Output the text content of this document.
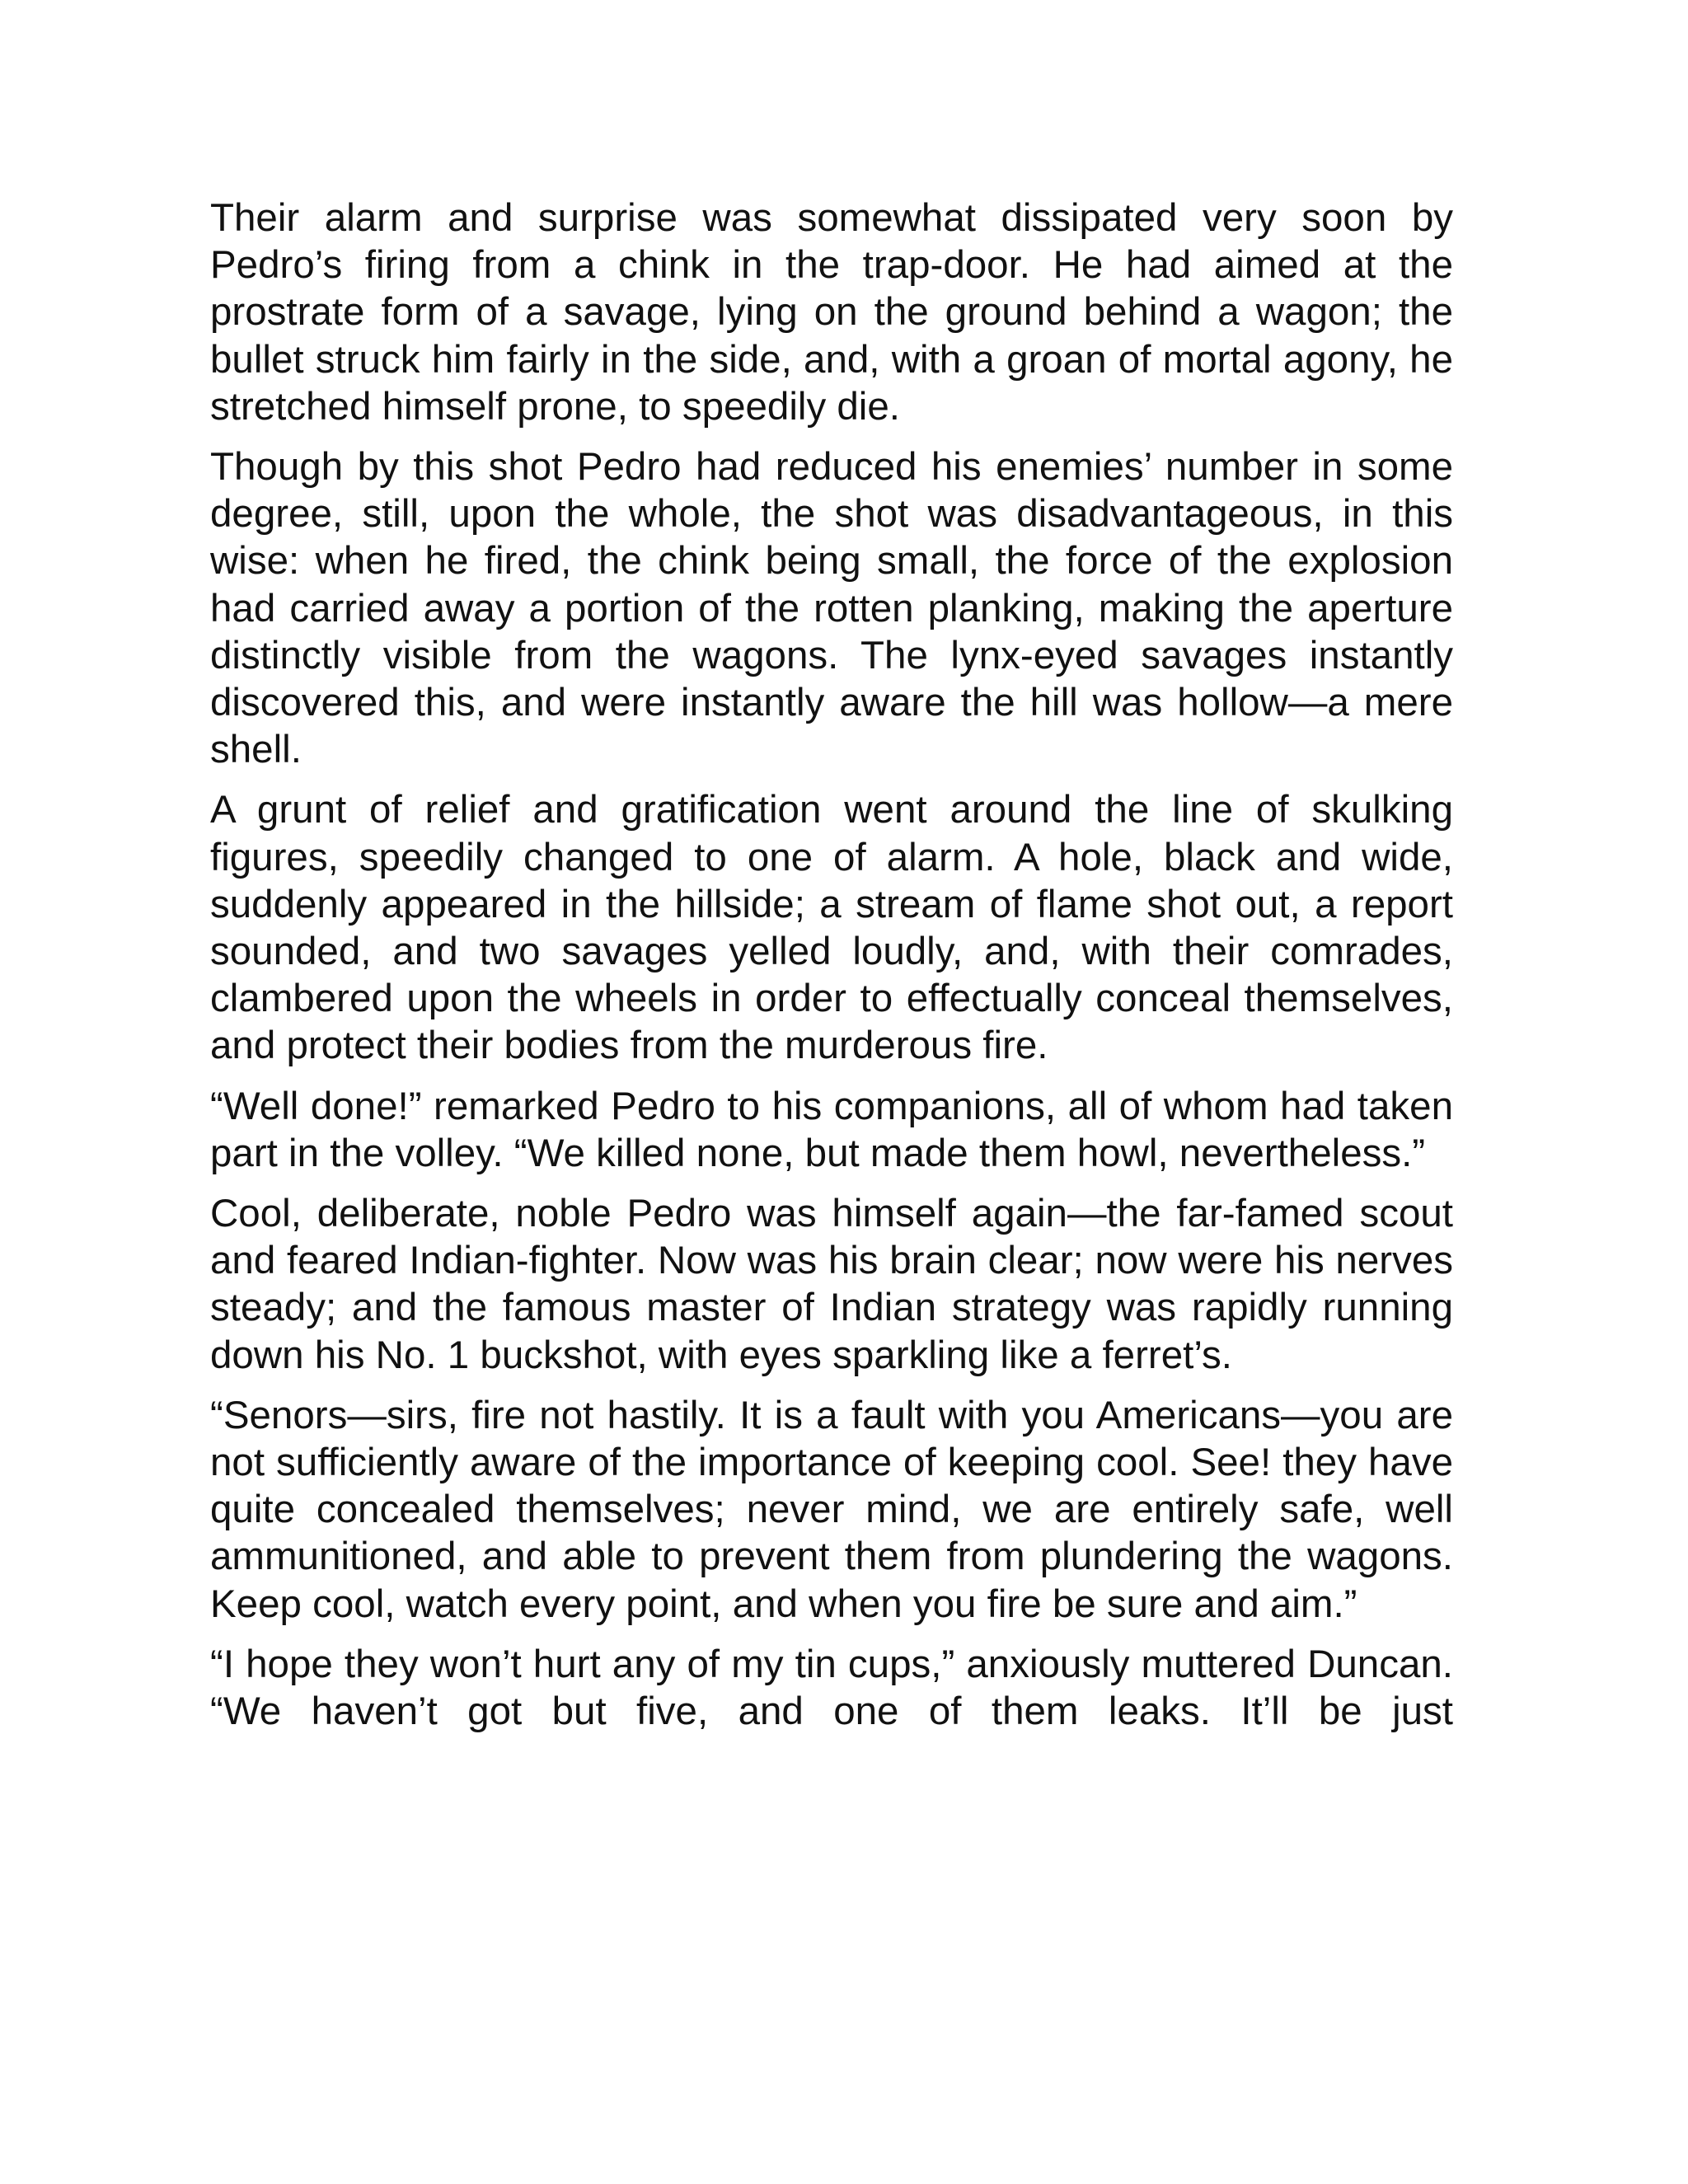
Their alarm and surprise was somewhat dissipated very soon by Pedro’s firing from a chink in the trap-door. He had aimed at the prostrate form of a savage, lying on the ground behind a wagon; the bullet struck him fairly in the side, and, with a groan of mortal agony, he stretched himself prone, to speedily die.

Though by this shot Pedro had reduced his enemies’ number in some degree, still, upon the whole, the shot was disadvantageous, in this wise: when he fired, the chink being small, the force of the explosion had carried away a portion of the rotten planking, making the aperture distinctly visible from the wagons. The lynx-eyed savages instantly discovered this, and were instantly aware the hill was hollow—a mere shell.

A grunt of relief and gratification went around the line of skulking figures, speedily changed to one of alarm. A hole, black and wide, suddenly appeared in the hillside; a stream of flame shot out, a report sounded, and two savages yelled loudly, and, with their comrades, clambered upon the wheels in order to effectually conceal themselves, and protect their bodies from the murderous fire.

“Well done!” remarked Pedro to his companions, all of whom had taken part in the volley. “We killed none, but made them howl, nevertheless.”

Cool, deliberate, noble Pedro was himself again—the far-famed scout and feared Indian-fighter. Now was his brain clear; now were his nerves steady; and the famous master of Indian strategy was rapidly running down his No. 1 buckshot, with eyes sparkling like a ferret’s.

“Senors—sirs, fire not hastily. It is a fault with you Americans—you are not sufficiently aware of the importance of keeping cool. See! they have quite concealed themselves; never mind, we are entirely safe, well ammunitioned, and able to prevent them from plundering the wagons. Keep cool, watch every point, and when you fire be sure and aim.”

“I hope they won’t hurt any of my tin cups,” anxiously muttered Duncan. “We haven’t got but five, and one of them leaks. It’ll be just
